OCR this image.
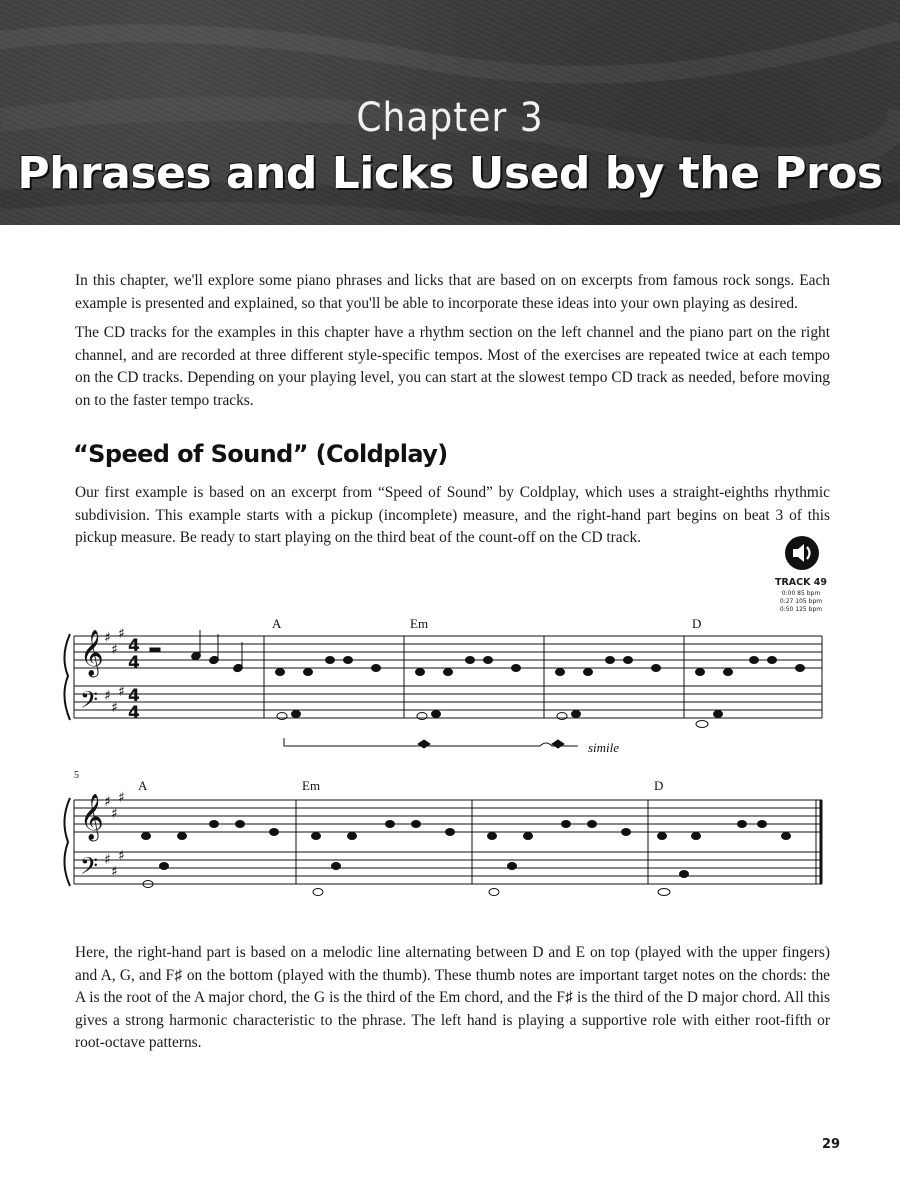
Chapter 3
Phrases and Licks Used by the Pros

In this chapter, we'll explore some piano phrases and licks that are based on on excerpts from famous rock songs. Each example is presented and explained, so that you'll be able to incorporate these ideas into your own playing as desired.

The CD tracks for the examples in this chapter have a rhythm section on the left channel and the piano part on the right channel, and are recorded at three different style-specific tempos. Most of the exercises are repeated twice at each tempo on the CD tracks. Depending on your playing level, you can start at the slowest tempo CD track as needed, before moving on to the faster tempo tracks.

“Speed of Sound” (Coldplay)

Our first example is based on an excerpt from “Speed of Sound” by Coldplay, which uses a straight-eighths rhythmic subdivision. This example starts with a pickup (incomplete) measure, and the right-hand part begins on beat 3 of this pickup measure. Be ready to start playing on the third beat of the count-off on the CD track.

TRACK 49

0:00 85 bpm

0:27 105 bpm

0:50 125 bpm

𝄞
𝄢
𝄞
𝄢
♯
♯
♯
♯
♯
♯
♯
♯
♯
♯
♯
♯
4
4
4
4
A	Em	D
A	Em	D
5
simile

Here, the right-hand part is based on a melodic line alternating between D and E on top (played with the upper fingers) and A, G, and F♯ on the bottom (played with the thumb). These thumb notes are important target notes on the chords: the A is the root of the A major chord, the G is the third of the Em chord, and the F♯ is the third of the D major chord. All this gives a strong harmonic characteristic to the phrase. The left hand is playing a supportive role with either root-fifth or root-octave patterns.

29
